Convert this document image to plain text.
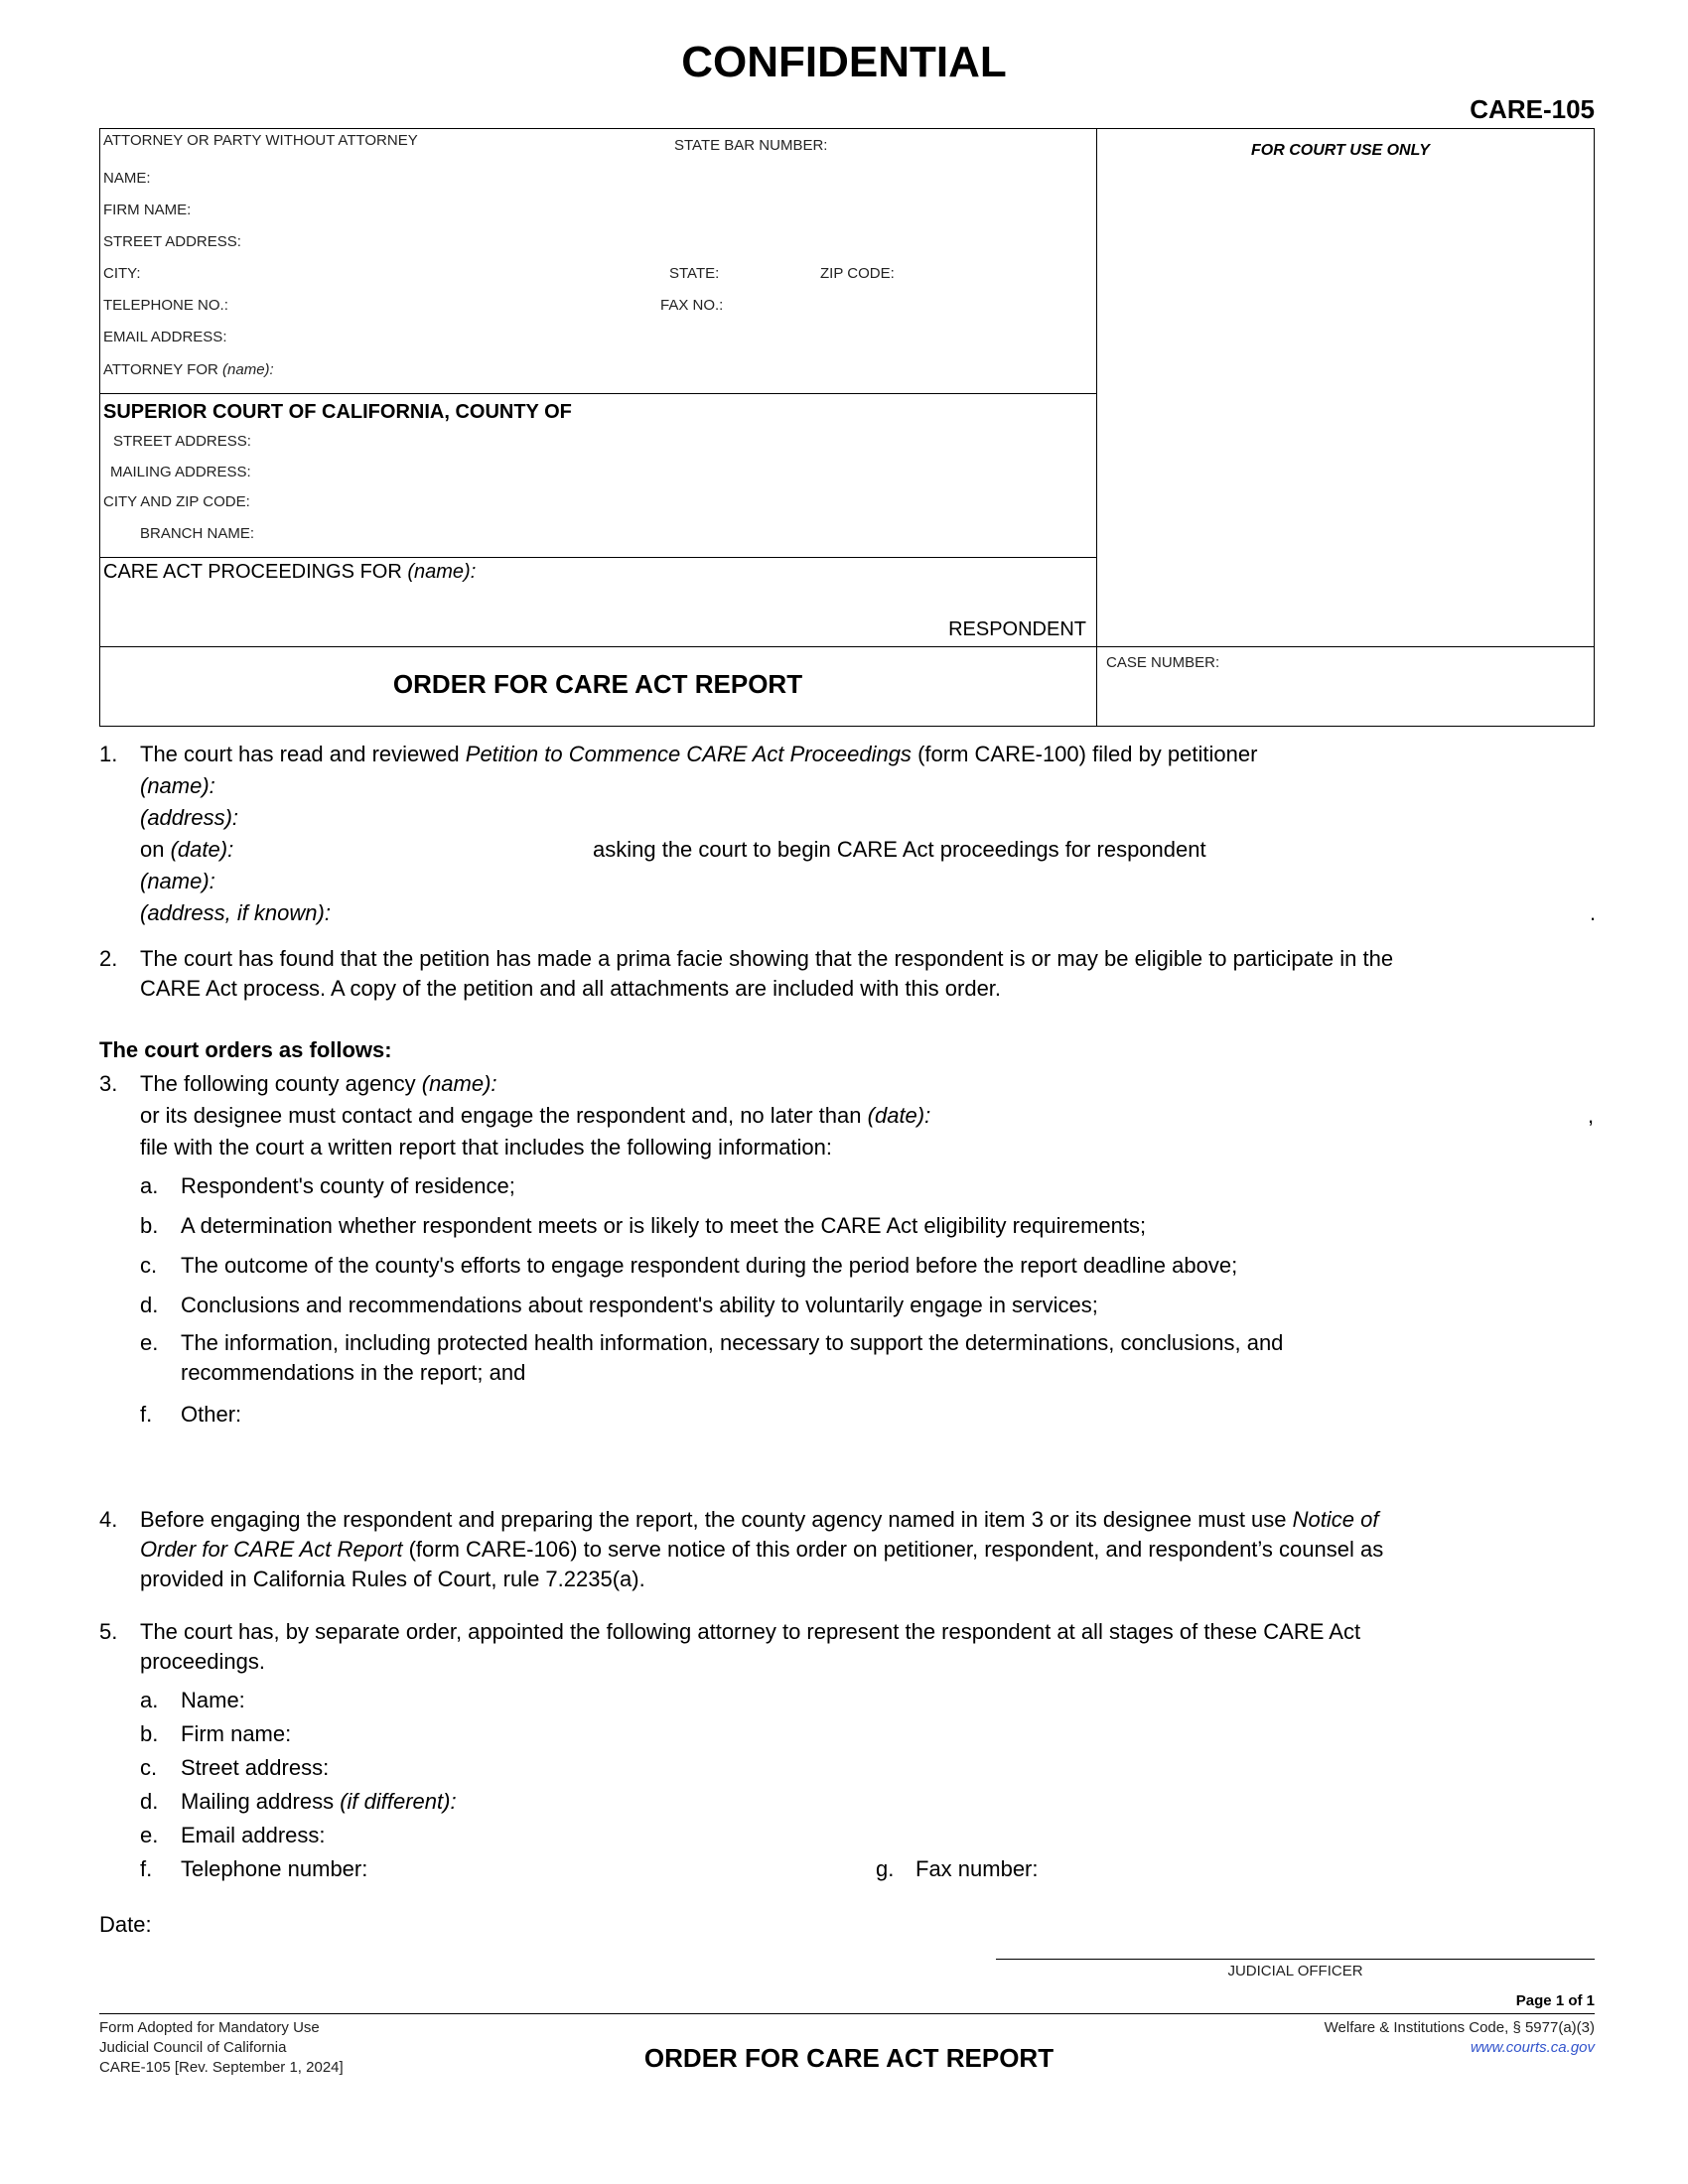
CONFIDENTIAL
CARE-105
ATTORNEY OR PARTY WITHOUT ATTORNEY	STATE BAR NUMBER:
NAME:
FIRM NAME:
STREET ADDRESS:
CITY:	STATE:	ZIP CODE:
TELEPHONE NO.:	FAX NO.:
EMAIL ADDRESS:
ATTORNEY FOR (name):
FOR COURT USE ONLY
SUPERIOR COURT OF CALIFORNIA, COUNTY OF
STREET ADDRESS:
MAILING ADDRESS:
CITY AND ZIP CODE:
BRANCH NAME:
CARE ACT PROCEEDINGS FOR (name):
RESPONDENT
CASE NUMBER:
ORDER FOR CARE ACT REPORT
1. The court has read and reviewed Petition to Commence CARE Act Proceedings (form CARE-100) filed by petitioner
(name):
(address):
on (date):	asking the court to begin CARE Act proceedings for respondent
(name):
(address, if known):	.
2. The court has found that the petition has made a prima facie showing that the respondent is or may be eligible to participate in the
CARE Act process. A copy of the petition and all attachments are included with this order.
The court orders as follows:
3. The following county agency (name):
or its designee must contact and engage the respondent and, no later than (date):	,
file with the court a written report that includes the following information:
a. Respondent's county of residence;
b. A determination whether respondent meets or is likely to meet the CARE Act eligibility requirements;
c. The outcome of the county's efforts to engage respondent during the period before the report deadline above;
d. Conclusions and recommendations about respondent's ability to voluntarily engage in services;
e. The information, including protected health information, necessary to support the determinations, conclusions, and
recommendations in the report; and
f. Other:
4. Before engaging the respondent and preparing the report, the county agency named in item 3 or its designee must use Notice of
Order for CARE Act Report (form CARE-106) to serve notice of this order on petitioner, respondent, and respondent’s counsel as
provided in California Rules of Court, rule 7.2235(a).
5. The court has, by separate order, appointed the following attorney to represent the respondent at all stages of these CARE Act
proceedings.
a. Name:
b. Firm name:
c. Street address:
d. Mailing address (if different):
e. Email address:
f. Telephone number:	g. Fax number:
Date:
JUDICIAL OFFICER
Page 1 of 1
Form Adopted for Mandatory Use
Judicial Council of California
CARE-105 [Rev. September 1, 2024]	ORDER FOR CARE ACT REPORT
Welfare & Institutions Code, § 5977(a)(3)
www.courts.ca.gov
